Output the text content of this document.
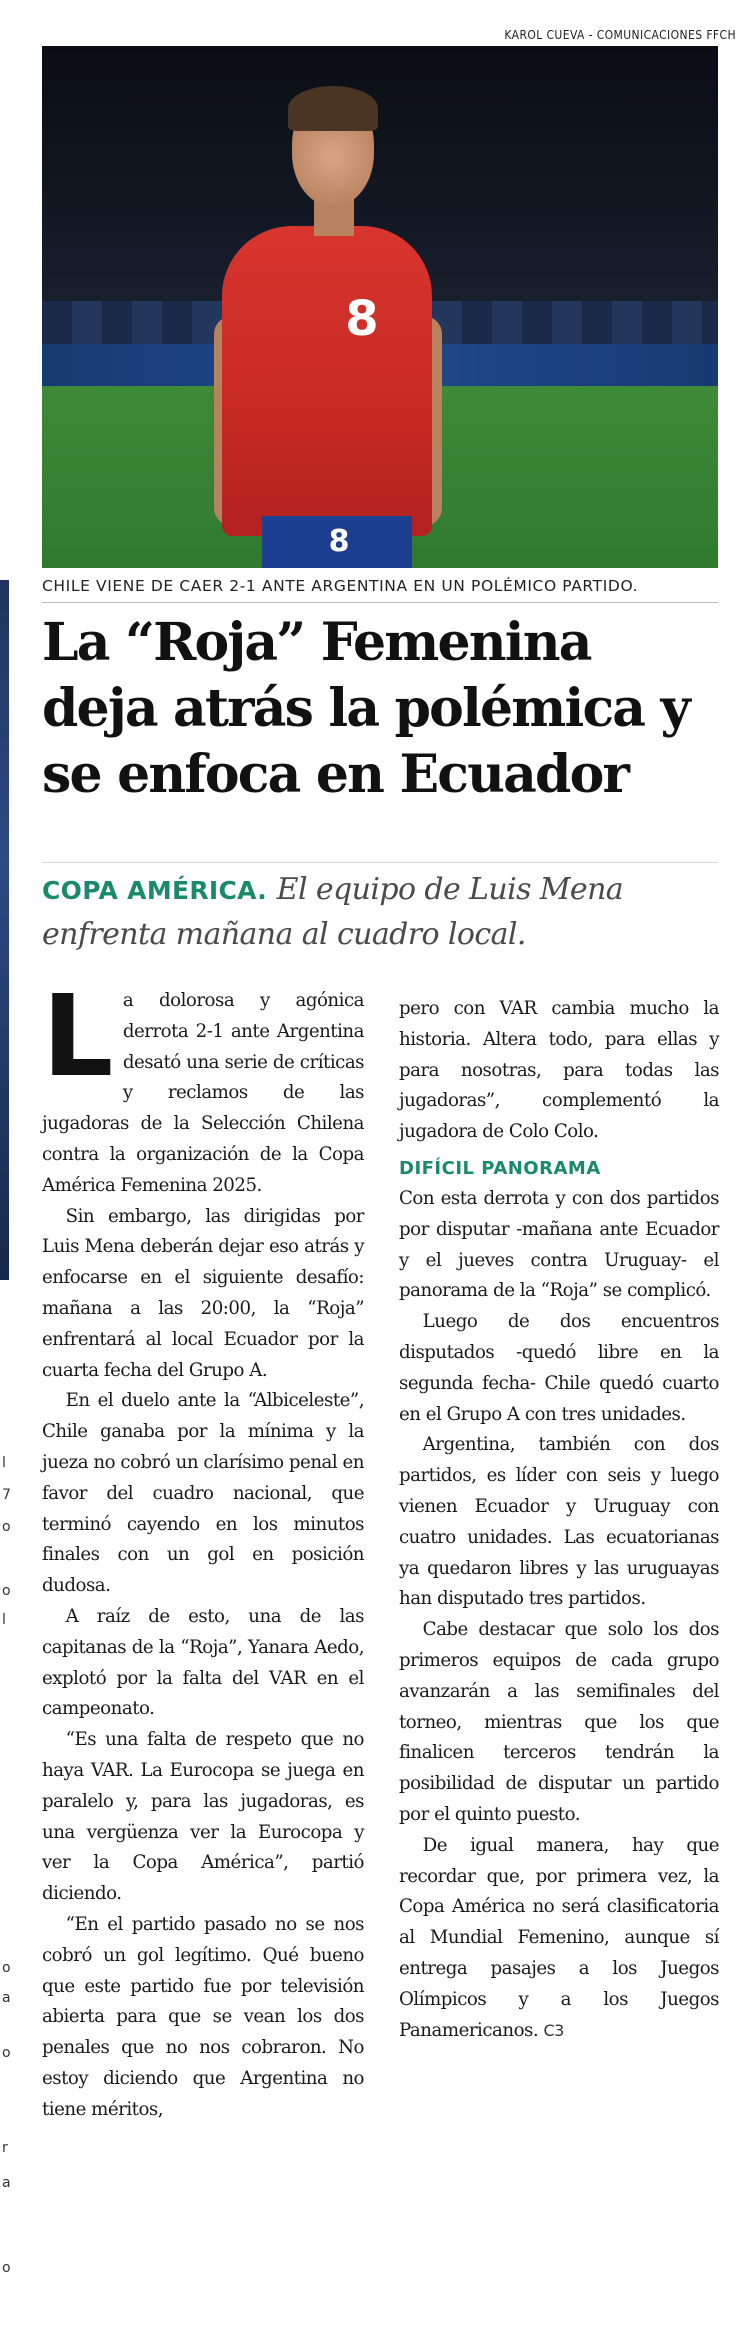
l
7
o
o
l
o
a
o
r
a
o
KAROL CUEVA - COMUNICACIONES FFCH
8
8
CHILE VIENE DE CAER 2-1 ANTE ARGENTINA EN UN POLÉMICO PARTIDO.
La “Roja” Femenina
deja atrás la polémica y
se enfoca en Ecuador
COPA AMÉRICA. El equipo de Luis Mena enfrenta mañana al cuadro local.

La dolorosa y agónica derrota 2-1 ante Argentina desató una serie de críticas y reclamos de las jugadoras de la Selección Chilena contra la organización de la Copa América Femenina 2025.

Sin embargo, las dirigidas por Luis Mena deberán dejar eso atrás y enfocarse en el siguiente desafío: mañana a las 20:00, la “Roja” enfrentará al local Ecuador por la cuarta fecha del Grupo A.

En el duelo ante la “Albiceleste”, Chile ganaba por la mínima y la jueza no cobró un clarísimo penal en favor del cuadro nacional, que terminó cayendo en los minutos finales con un gol en posición dudosa.

A raíz de esto, una de las capitanas de la “Roja”, Yanara Aedo, explotó por la falta del VAR en el campeonato.

“Es una falta de respeto que no haya VAR. La Eurocopa se juega en paralelo y, para las jugadoras, es una vergüenza ver la Eurocopa y ver la Copa América”, partió diciendo.

“En el partido pasado no se nos cobró un gol legítimo. Qué bueno que este partido fue por televisión abierta para que se vean los dos penales que no nos cobraron. No estoy diciendo que Argentina no tiene méritos,

pero con VAR cambia mucho la historia. Altera todo, para ellas y para nosotras, para todas las jugadoras”, complementó la jugadora de Colo Colo.

DIFÍCIL PANORAMA

Con esta derrota y con dos partidos por disputar -mañana ante Ecuador y el jueves contra Uruguay- el panorama de la “Roja” se complicó.

Luego de dos encuentros disputados -quedó libre en la segunda fecha- Chile quedó cuarto en el Grupo A con tres unidades.

Argentina, también con dos partidos, es líder con seis y luego vienen Ecuador y Uruguay con cuatro unidades. Las ecuatorianas ya quedaron libres y las uruguayas han disputado tres partidos.

Cabe destacar que solo los dos primeros equipos de cada grupo avanzarán a las semifinales del torneo, mientras que los que finalicen terceros tendrán la posibilidad de disputar un partido por el quinto puesto.

De igual manera, hay que recordar que, por primera vez, la Copa América no será clasificatoria al Mundial Femenino, aunque sí entrega pasajes a los Juegos Olímpicos y a los Juegos Panamericanos. C3
